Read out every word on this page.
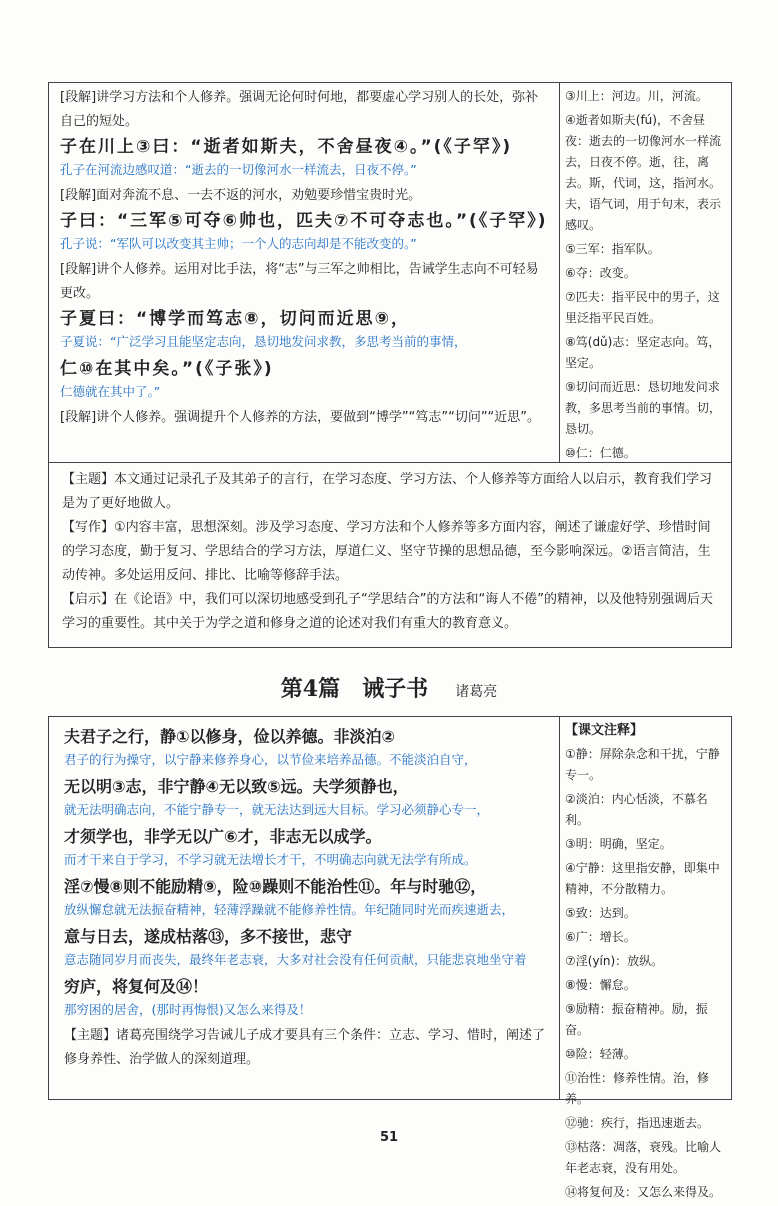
[段解]讲学习方法和个人修养。强调无论何时何地，都要虚心学习别人的长处，弥补自己的短处。

子在川上③曰：“逝者如斯夫，不舍昼夜④。”(《子罕》)

孔子在河流边感叹道：“逝去的一切像河水一样流去，日夜不停。”

[段解]面对奔流不息、一去不返的河水，劝勉要珍惜宝贵时光。

子曰：“三军⑤可夺⑥帅也，匹夫⑦不可夺志也。”(《子罕》)

孔子说：“军队可以改变其主帅；一个人的志向却是不能改变的。”

[段解]讲个人修养。运用对比手法，将“志”与三军之帅相比，告诫学生志向不可轻易更改。

子夏曰：“博学而笃志⑧，切问而近思⑨，

子夏说：“广泛学习且能坚定志向，恳切地发问求教，多思考当前的事情，

仁⑩在其中矣。”(《子张》)

仁德就在其中了。”

[段解]讲个人修养。强调提升个人修养的方法，要做到“博学”“笃志”“切问”“近思”。

③川上：河边。川，河流。

④逝者如斯夫(fú)，不舍昼夜：逝去的一切像河水一样流去，日夜不停。逝，往，离去。斯，代词，这，指河水。夫，语气词，用于句末，表示感叹。

⑤三军：指军队。

⑥夺：改变。

⑦匹夫：指平民中的男子，这里泛指平民百姓。

⑧笃(dǔ)志：坚定志向。笃，坚定。

⑨切问而近思：恳切地发问求教，多思考当前的事情。切，恳切。

⑩仁：仁德。

【主题】本文通过记录孔子及其弟子的言行，在学习态度、学习方法、个人修养等方面给人以启示，教育我们学习是为了更好地做人。

【写作】①内容丰富，思想深刻。涉及学习态度、学习方法和个人修养等多方面内容，阐述了谦虚好学、珍惜时间的学习态度，勤于复习、学思结合的学习方法，厚道仁义、坚守节操的思想品德，至今影响深远。②语言简洁，生动传神。多处运用反问、排比、比喻等修辞手法。

【启示】在《论语》中，我们可以深切地感受到孔子“学思结合”的方法和“诲人不倦”的精神，以及他特别强调后天学习的重要性。其中关于为学之道和修身之道的论述对我们有重大的教育意义。

第4篇　诫子书 诸葛亮

夫君子之行，静①以修身，俭以养德。非淡泊②

君子的行为操守，以宁静来修养身心，以节俭来培养品德。不能淡泊自守，

无以明③志，非宁静④无以致⑤远。夫学须静也，

就无法明确志向，不能宁静专一，就无法达到远大目标。学习必须静心专一，

才须学也，非学无以广⑥才，非志无以成学。

而才干来自于学习，不学习就无法增长才干，不明确志向就无法学有所成。

淫⑦慢⑧则不能励精⑨，险⑩躁则不能治性⑪。年与时驰⑫，

放纵懈怠就无法振奋精神，轻薄浮躁就不能修养性情。年纪随同时光而疾速逝去，

意与日去，遂成枯落⑬，多不接世，悲守

意志随同岁月而丧失，最终年老志衰，大多对社会没有任何贡献，只能悲哀地坐守着

穷庐，将复何及⑭！

那穷困的居舍，(那时再悔恨)又怎么来得及！

【主题】诸葛亮围绕学习告诫儿子成才要具有三个条件：立志、学习、惜时，阐述了修身养性、治学做人的深刻道理。

【课文注释】

①静：屏除杂念和干扰，宁静专一。

②淡泊：内心恬淡，不慕名利。

③明：明确，坚定。

④宁静：这里指安静，即集中精神，不分散精力。

⑤致：达到。

⑥广：增长。

⑦淫(yín)：放纵。

⑧慢：懈怠。

⑨励精：振奋精神。励，振奋。

⑩险：轻薄。

⑪治性：修养性情。治，修养。

⑫驰：疾行，指迅速逝去。

⑬枯落：凋落，衰残。比喻人年老志衰，没有用处。

⑭将复何及：又怎么来得及。

51
